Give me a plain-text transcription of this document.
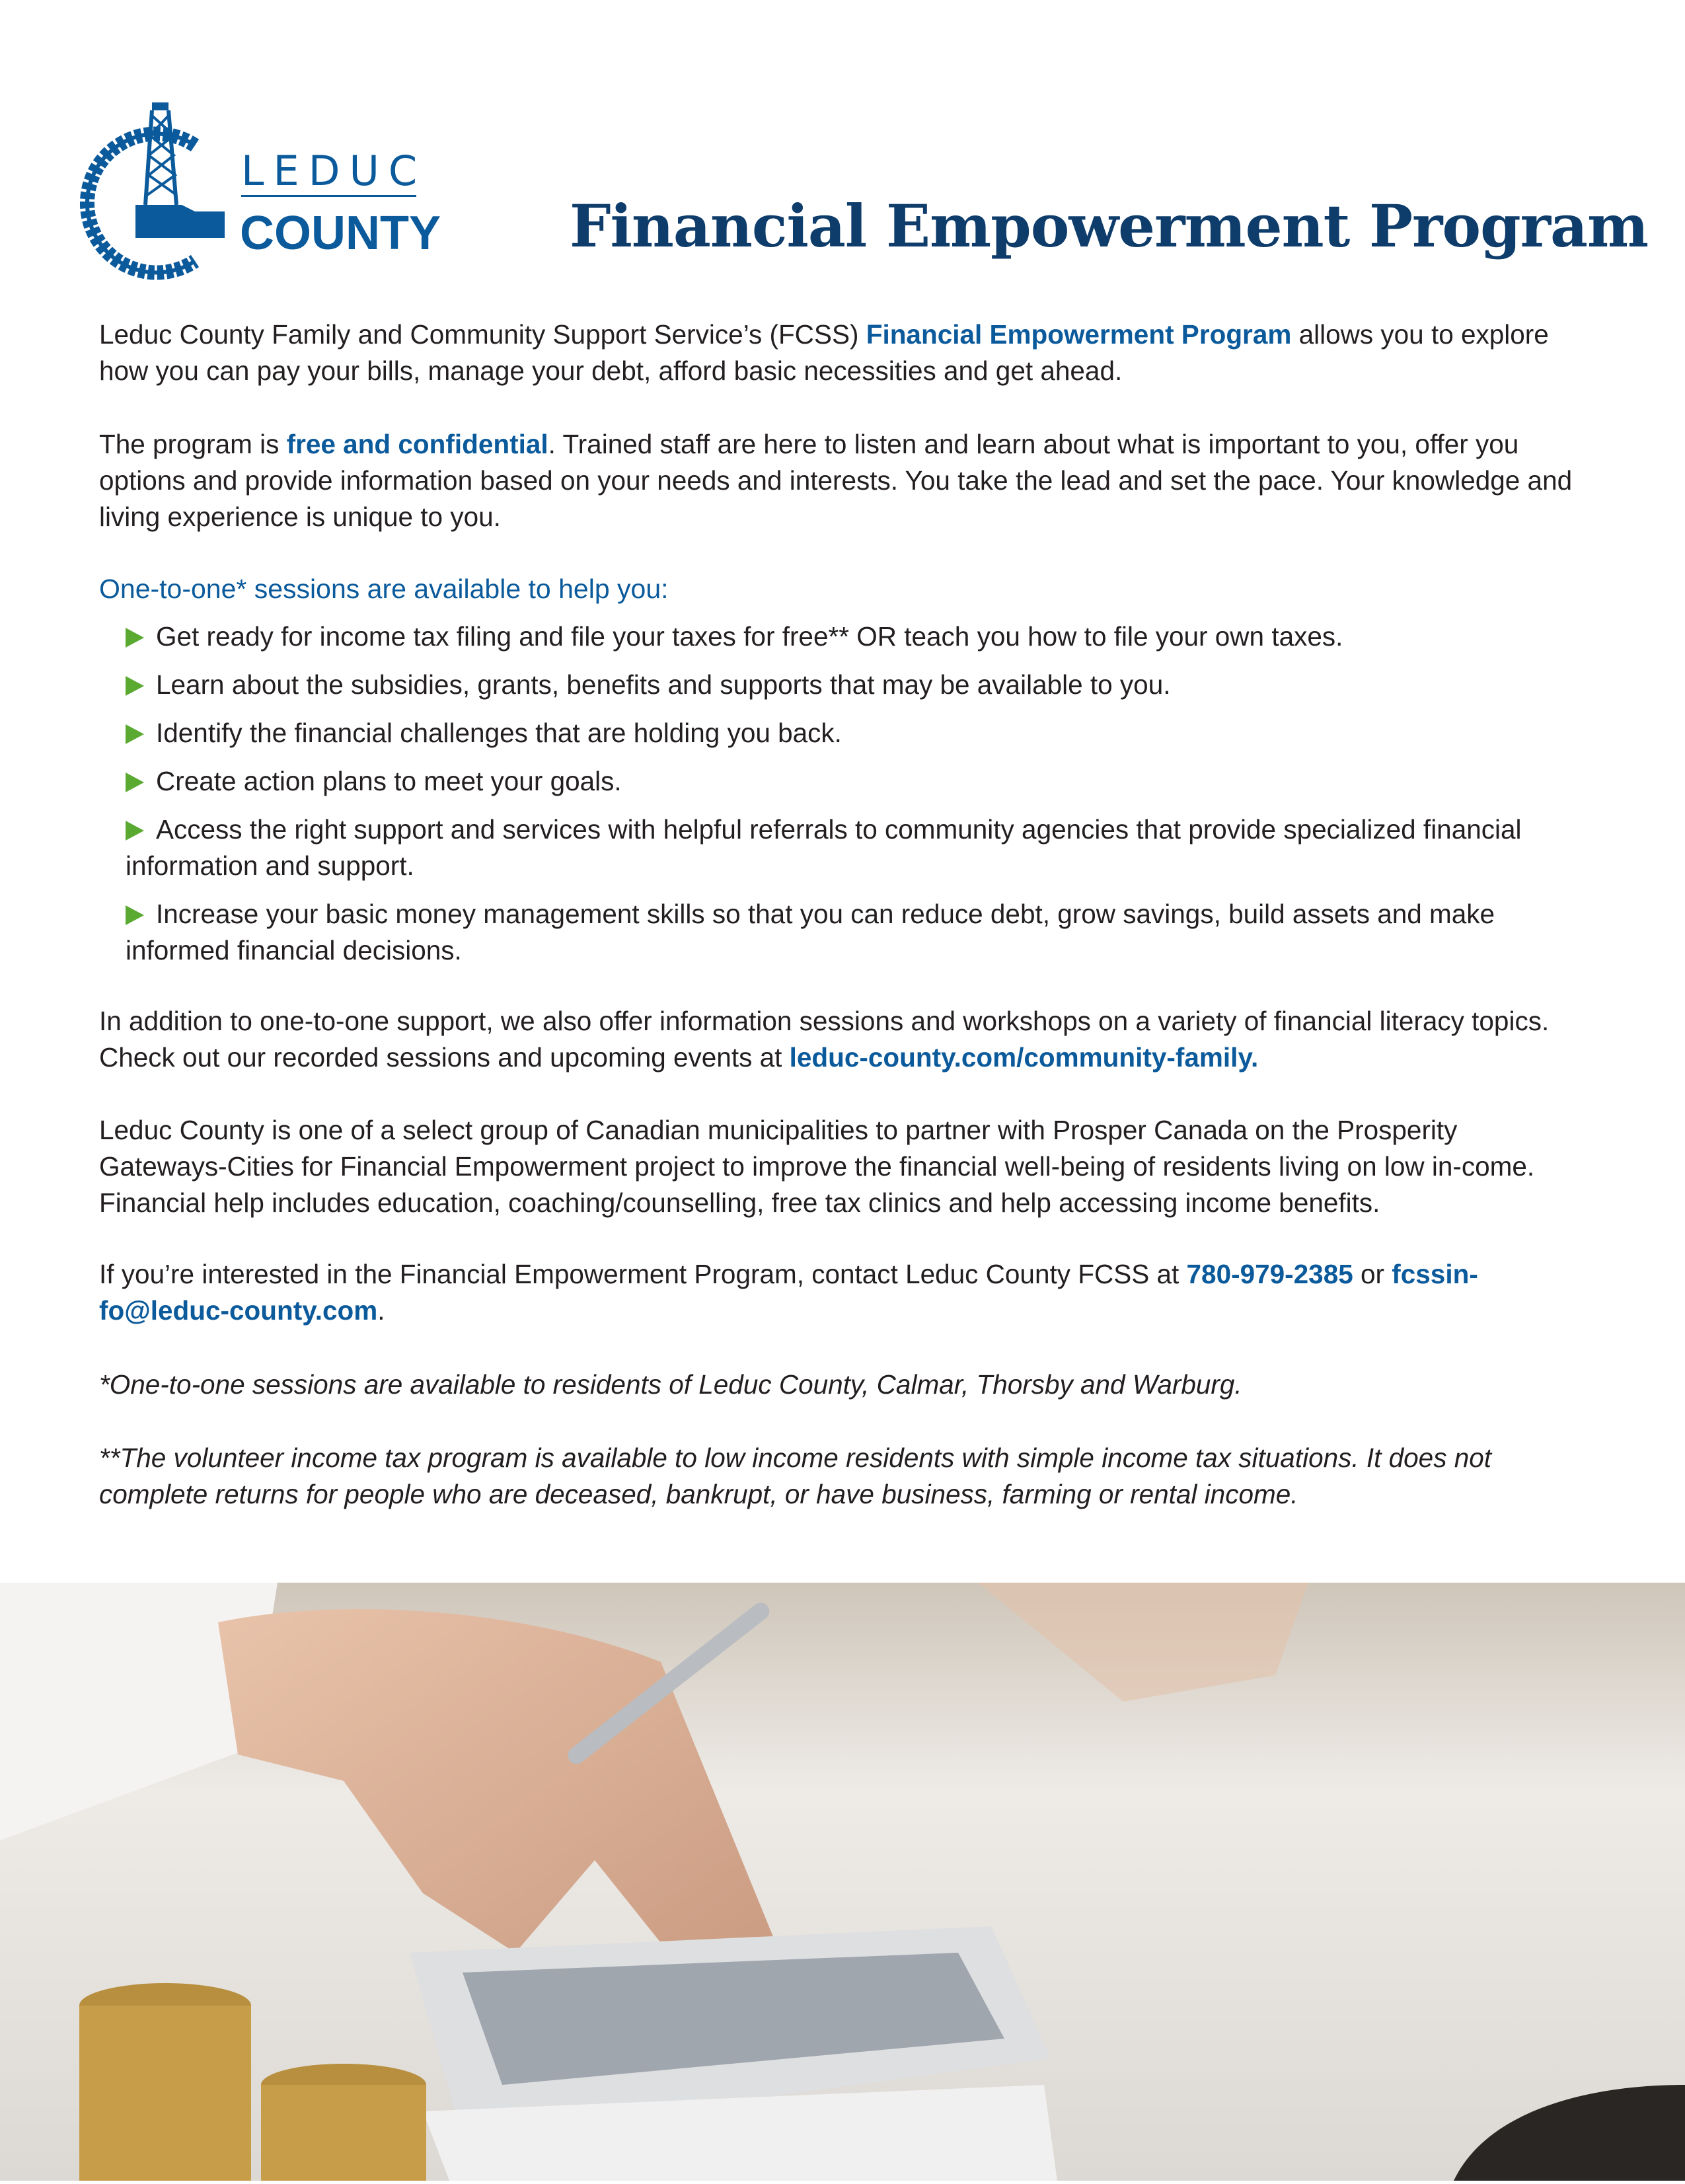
LEDUC
COUNTY Financial Empowerment Program

Leduc County Family and Community Support Service’s (FCSS) Financial Empowerment Program allows you to explore how you can pay your bills, manage your debt, afford basic necessities and get ahead.

The program is free and confidential. Trained staff are here to listen and learn about what is important to you, offer you options and provide information based on your needs and interests. You take the lead and set the pace. Your knowledge and living experience is unique to you.

One-to-one* sessions are available to help you:

Get ready for income tax filing and file your taxes for free** OR teach you how to file your own taxes.

Learn about the subsidies, grants, benefits and supports that may be available to you.

Identify the financial challenges that are holding you back.

Create action plans to meet your goals.

Access the right support and services with helpful referrals to community agencies that provide specialized financial information and support.

Increase your basic money management skills so that you can reduce debt, grow savings, build assets and make informed financial decisions.

In addition to one-to-one support, we also offer information sessions and workshops on a variety of financial literacy topics. Check out our recorded sessions and upcoming events at leduc-county.com/community-family.

Leduc County is one of a select group of Canadian municipalities to partner with Prosper Canada on the Prosperity Gateways-Cities for Financial Empowerment project to improve the financial well-being of residents living on low in-come. Financial help includes education, coaching/counselling, free tax clinics and help accessing income benefits.

If you’re interested in the Financial Empowerment Program, contact Leduc County FCSS at 780-979-2385 or fcssin-fo@leduc-county.com.

*One-to-one sessions are available to residents of Leduc County, Calmar, Thorsby and Warburg.
**The volunteer income tax program is available to low income residents with simple income tax situations. It does not complete returns for people who are deceased, bankrupt, or have business, farming or rental income.
